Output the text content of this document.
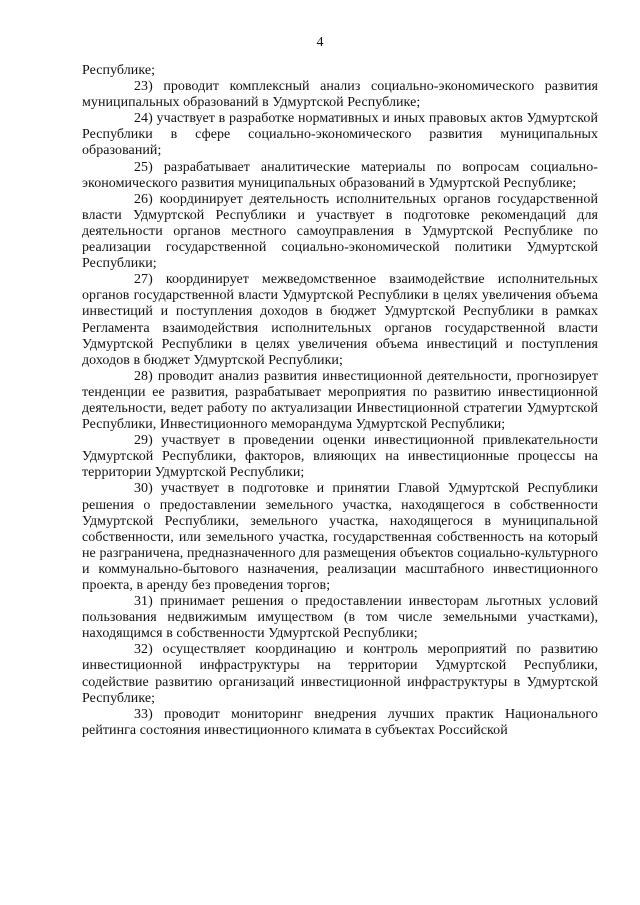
4

Республике;

23) проводит комплексный анализ социально-экономического развития муниципальных образований в Удмуртской Республике;

24) участвует в разработке нормативных и иных правовых актов Удмуртской Республики в сфере социально-экономического развития муниципальных образований;

25) разрабатывает аналитические материалы по вопросам социально-экономического развития муниципальных образований в Удмуртской Республике;

26) координирует деятельность исполнительных органов государственной власти Удмуртской Республики и участвует в подготовке рекомендаций для деятельности органов местного самоуправления в Удмуртской Республике по реализации государственной социально-экономической политики Удмуртской Республики;

27) координирует межведомственное взаимодействие исполнительных органов государственной власти Удмуртской Республики в целях увеличения объема инвестиций и поступления доходов в бюджет Удмуртской Республики в рамках Регламента взаимодействия исполнительных органов государственной власти Удмуртской Республики в целях увеличения объема инвестиций и поступления доходов в бюджет Удмуртской Республики;

28) проводит анализ развития инвестиционной деятельности, прогнозирует тенденции ее развития, разрабатывает мероприятия по развитию инвестиционной деятельности, ведет работу по актуализации Инвестиционной стратегии Удмуртской Республики, Инвестиционного меморандума Удмуртской Республики;

29) участвует в проведении оценки инвестиционной привлекательности Удмуртской Республики, факторов, влияющих на инвестиционные процессы на территории Удмуртской Республики;

30) участвует в подготовке и принятии Главой Удмуртской Республики решения о предоставлении земельного участка, находящегося в собственности Удмуртской Республики, земельного участка, находящегося в муниципальной собственности, или земельного участка, государственная собственность на который не разграничена, предназначенного для размещения объектов социально-культурного и коммунально-бытового назначения, реализации масштабного инвестиционного проекта, в аренду без проведения торгов;

31) принимает решения о предоставлении инвесторам льготных условий пользования недвижимым имуществом (в том числе земельными участками), находящимся в собственности Удмуртской Республики;

32) осуществляет координацию и контроль мероприятий по развитию инвестиционной инфраструктуры на территории Удмуртской Республики, содействие развитию организаций инвестиционной инфраструктуры в Удмуртской Республике;

33) проводит мониторинг внедрения лучших практик Национального рейтинга состояния инвестиционного климата в субъектах Российской
